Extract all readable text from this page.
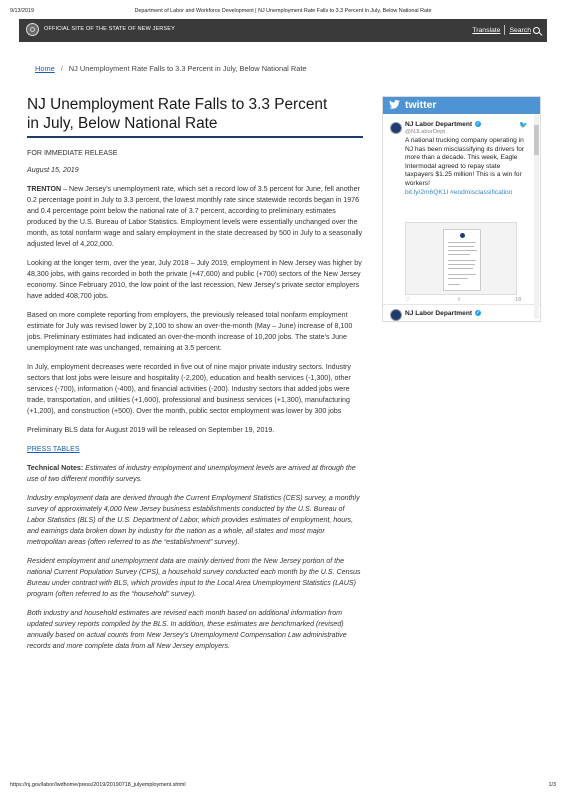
9/13/2019	Department of Labor and Workforce Development | NJ Unemployment Rate Falls to 3.3 Percent in July, Below National Rate
OFFICIAL SITE OF THE STATE OF NEW JERSEY	Translate Search
Home / NJ Unemployment Rate Falls to 3.3 Percent in July, Below National Rate
NJ Unemployment Rate Falls to 3.3 Percent
in July, Below National Rate

FOR IMMEDIATE RELEASE

August 15, 2019

TRENTON – New Jersey’s unemployment rate, which set a record low of 3.5 percent for June, fell another 0.2 percentage point in July to 3.3 percent, the lowest monthly rate since statewide records began in 1976 and 0.4 percentage point below the national rate of 3.7 percent, according to preliminary estimates produced by the U.S. Bureau of Labor Statistics. Employment levels were essentially unchanged over the month, as total nonfarm wage and salary employment in the state decreased by 500 in July to a seasonally adjusted level of 4,202,000.

Looking at the longer term, over the year, July 2018 – July 2019, employment in New Jersey was higher by 48,300 jobs, with gains recorded in both the private (+47,600) and public (+700) sectors of the New Jersey economy. Since February 2010, the low point of the last recession, New Jersey’s private sector employers have added 408,700 jobs.

Based on more complete reporting from employers, the previously released total nonfarm employment estimate for July was revised lower by 2,100 to show an over-the-month (May – June) increase of 8,100 jobs. Preliminary estimates had indicated an over-the-month increase of 10,200 jobs. The state’s June unemployment rate was unchanged, remaining at 3.5 percent.

In July, employment decreases were recorded in five out of nine major private industry sectors. Industry sectors that lost jobs were leisure and hospitality (-2,200), education and health services (-1,300), other services (-700), information (-400), and financial activities (-200). Industry sectors that added jobs were trade, transportation, and utilities (+1,600), professional and business services (+1,300), manufacturing (+1,200), and construction (+500). Over the month, public sector employment was lower by 300 jobs

Preliminary BLS data for August 2019 will be released on September 19, 2019.

PRESS TABLES

Technical Notes: Estimates of industry employment and unemployment levels are arrived at through the use of two different monthly surveys.

Industry employment data are derived through the Current Employment Statistics (CES) survey, a monthly survey of approximately 4,000 New Jersey business establishments conducted by the U.S. Bureau of Labor Statistics (BLS) of the U.S. Department of Labor, which provides estimates of employment, hours, and earnings data broken down by industry for the nation as a whole, all states and most major metropolitan areas (often referred to as the “establishment” survey).

Resident employment and unemployment data are mainly derived from the New Jersey portion of the national Current Population Survey (CPS), a household survey conducted each month by the U.S. Census Bureau under contract with BLS, which provides input to the Local Area Unemployment Statistics (LAUS) program (often referred to as the “household” survey).

Both industry and household estimates are revised each month based on additional information from updated survey reports compiled by the BLS. In addition, these estimates are benchmarked (revised) annually based on actual counts from New Jersey’s Unemployment Compensation Law administrative records and more complete data from all New Jersey employers.

twitter
NJ Labor Department ✓
@NJLaborDept
🐦
A national trucking company operating in NJ has been misclassifying its drivers for more than a decade. This week, Eagle Intermodal agreed to repay state taxpayers $1.25 million! This is a win for workers!
bit.ly/2m6QK1I #endmisclassification
♡	⇧	18
NJ Labor Department ✓
https://nj.gov/labor/lwdhome/press/2019/20190718_julyemployment.shtml	1/3
